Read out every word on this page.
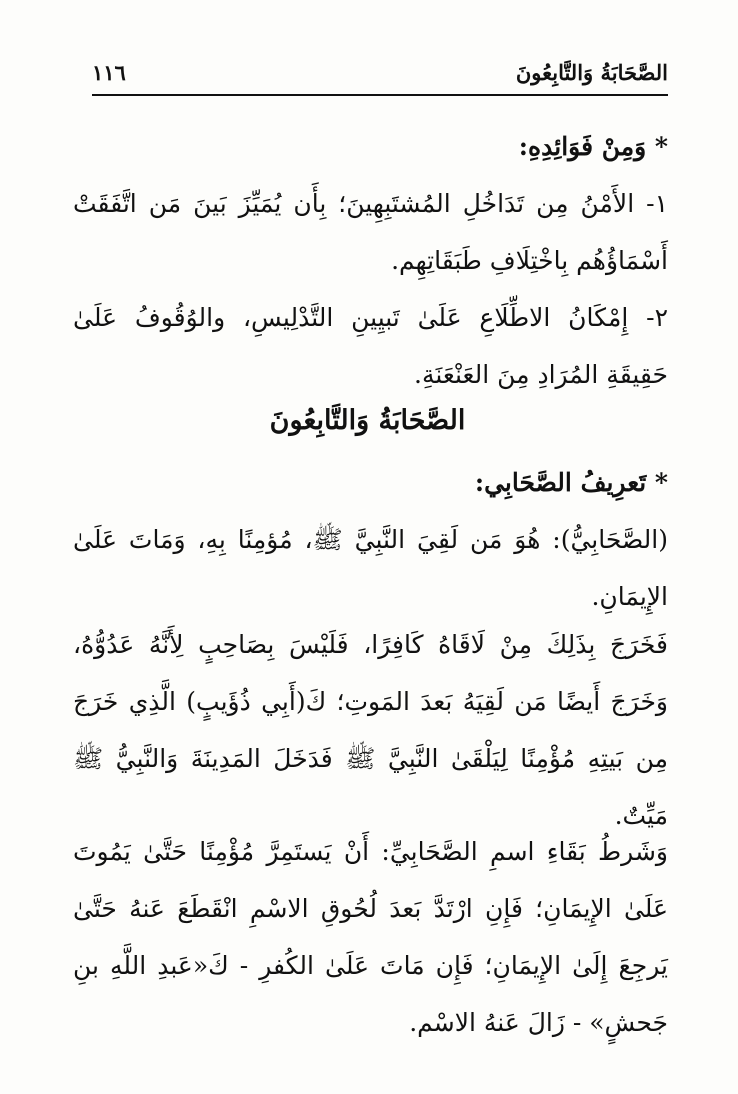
الصَّحَابَةُ وَالتَّابِعُونَ
١١٦

* وَمِنْ فَوَائِدِهِ:

١- الأَمْنُ مِن تَدَاخُلِ المُشتَبِهِينَ؛ بِأَن يُمَيِّزَ بَينَ مَن اتَّفَقَتْ أَسْمَاؤُهُم بِاخْتِلَافِ طَبَقَاتِهِم.

٢- إِمْكَانُ الاطِّلَاعِ عَلَىٰ تَبيِينِ التَّدْلِيسِ، والوُقُوفُ عَلَىٰ حَقِيقَةِ المُرَادِ مِنَ العَنْعَنَةِ.

الصَّحَابَةُ وَالتَّابِعُونَ

* تَعرِيفُ الصَّحَابِي:

(الصَّحَابِيُّ): هُوَ مَن لَقِيَ النَّبِيَّ ﷺ، مُؤمِنًا بِهِ، وَمَاتَ عَلَىٰ الإِيمَانِ.

فَخَرَجَ بِذَلِكَ مِنْ لَاقَاهُ كَافِرًا، فَلَيْسَ بِصَاحِبٍ لِأَنَّهُ عَدُوُّهُ، وَخَرَجَ أَيضًا مَن لَقِيَهُ بَعدَ المَوتِ؛ كَ(أَبِي ذُؤَيبٍ) الَّذِي خَرَجَ مِن بَيتِهِ مُؤْمِنًا لِيَلْقَىٰ النَّبِيَّ ﷺ فَدَخَلَ المَدِينَةَ وَالنَّبِيُّ ﷺ مَيِّتٌ.

وَشَرطُ بَقَاءِ اسمِ الصَّحَابِيِّ: أَنْ يَستَمِرَّ مُؤْمِنًا حَتَّىٰ يَمُوتَ عَلَىٰ الإِيمَانِ؛ فَإِنِ ارْتَدَّ بَعدَ لُحُوقِ الاسْمِ انْقَطَعَ عَنهُ حَتَّىٰ يَرجِعَ إِلَىٰ الإِيمَانِ؛ فَإِن مَاتَ عَلَىٰ الكُفرِ - كَ«عَبدِ اللَّهِ بنِ جَحشٍ» - زَالَ عَنهُ الاسْم.
